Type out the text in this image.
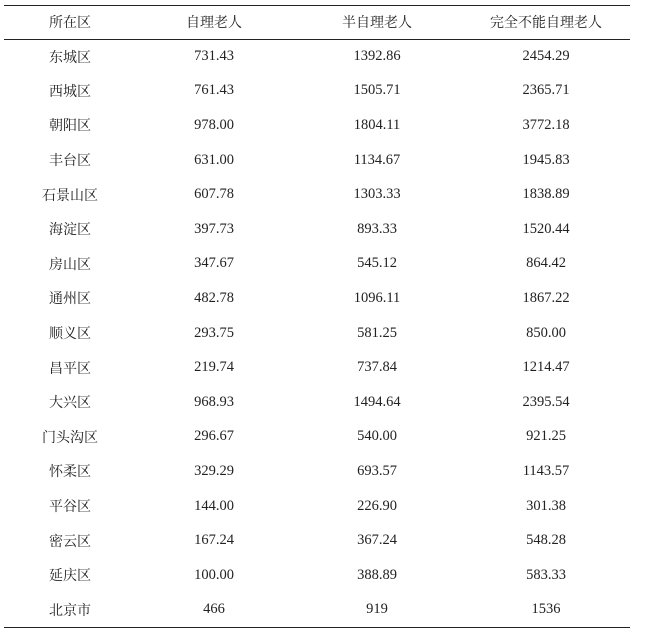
所在区	自理老人	半自理老人	完全不能自理老人
东城区	731.43	1392.86	2454.29
西城区	761.43	1505.71	2365.71
朝阳区	978.00	1804.11	3772.18
丰台区	631.00	1134.67	1945.83
石景山区	607.78	1303.33	1838.89
海淀区	397.73	893.33	1520.44
房山区	347.67	545.12	864.42
通州区	482.78	1096.11	1867.22
顺义区	293.75	581.25	850.00
昌平区	219.74	737.84	1214.47
大兴区	968.93	1494.64	2395.54
门头沟区	296.67	540.00	921.25
怀柔区	329.29	693.57	1143.57
平谷区	144.00	226.90	301.38
密云区	167.24	367.24	548.28
延庆区	100.00	388.89	583.33
北京市	466	919	1536
